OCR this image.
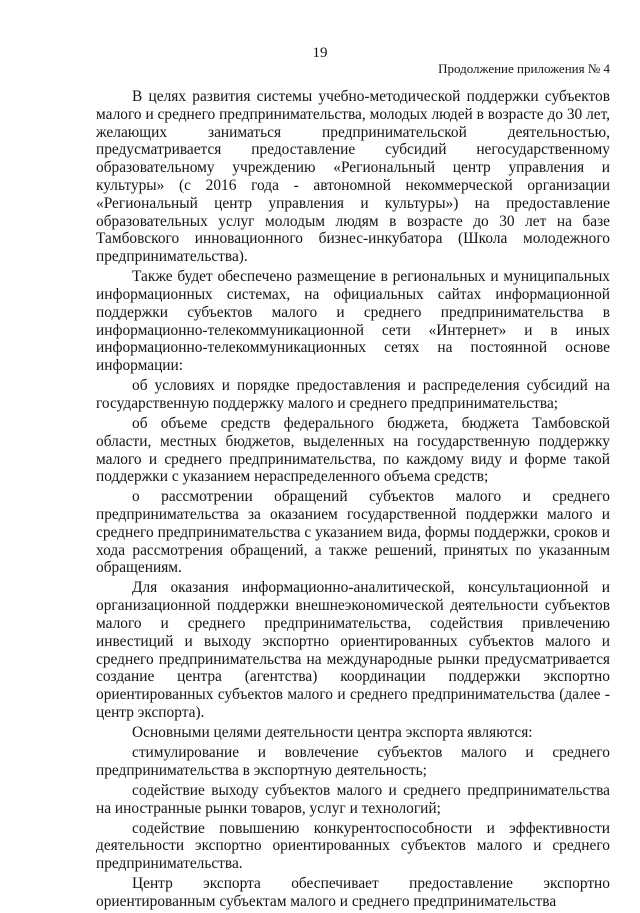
19
Продолжение приложения № 4

В целях развития системы учебно-методической поддержки субъектов малого и среднего предпринимательства, молодых людей в возрасте до 30 лет, желающих заниматься предпринимательской деятельностью, предусматривается предоставление субсидий негосударственному образовательному учреждению «Региональный центр управления и культуры» (с 2016 года - автономной некоммерческой организации «Региональный центр управления и культуры») на предоставление образовательных услуг молодым людям в возрасте до 30 лет на базе Тамбовского инновационного бизнес-инкубатора (Школа молодежного предпринимательства).

Также будет обеспечено размещение в региональных и муниципальных информационных системах, на официальных сайтах информационной поддержки субъектов малого и среднего предпринимательства в информационно-телекоммуникационной сети «Интернет» и в иных информационно-телекоммуникационных сетях на постоянной основе информации:

об условиях и порядке предоставления и распределения субсидий на государственную поддержку малого и среднего предпринимательства;

об объеме средств федерального бюджета, бюджета Тамбовской области, местных бюджетов, выделенных на государственную поддержку малого и среднего предпринимательства, по каждому виду и форме такой поддержки с указанием нераспределенного объема средств;

о рассмотрении обращений субъектов малого и среднего предпринимательства за оказанием государственной поддержки малого и среднего предпринимательства с указанием вида, формы поддержки, сроков и хода рассмотрения обращений, а также решений, принятых по указанным обращениям.

Для оказания информационно-аналитической, консультационной и организационной поддержки внешнеэкономической деятельности субъектов малого и среднего предпринимательства, содействия привлечению инвестиций и выходу экспортно ориентированных субъектов малого и среднего предпринимательства на международные рынки предусматривается создание центра (агентства) координации поддержки экспортно ориентированных субъектов малого и среднего предпринимательства (далее - центр экспорта).

Основными целями деятельности центра экспорта являются:

стимулирование и вовлечение субъектов малого и среднего предпринимательства в экспортную деятельность;

содействие выходу субъектов малого и среднего предпринимательства на иностранные рынки товаров, услуг и технологий;

содействие повышению конкурентоспособности и эффективности деятельности экспортно ориентированных субъектов малого и среднего предпринимательства.

Центр экспорта обеспечивает предоставление экспортно ориентированным субъектам малого и среднего предпринимательства
